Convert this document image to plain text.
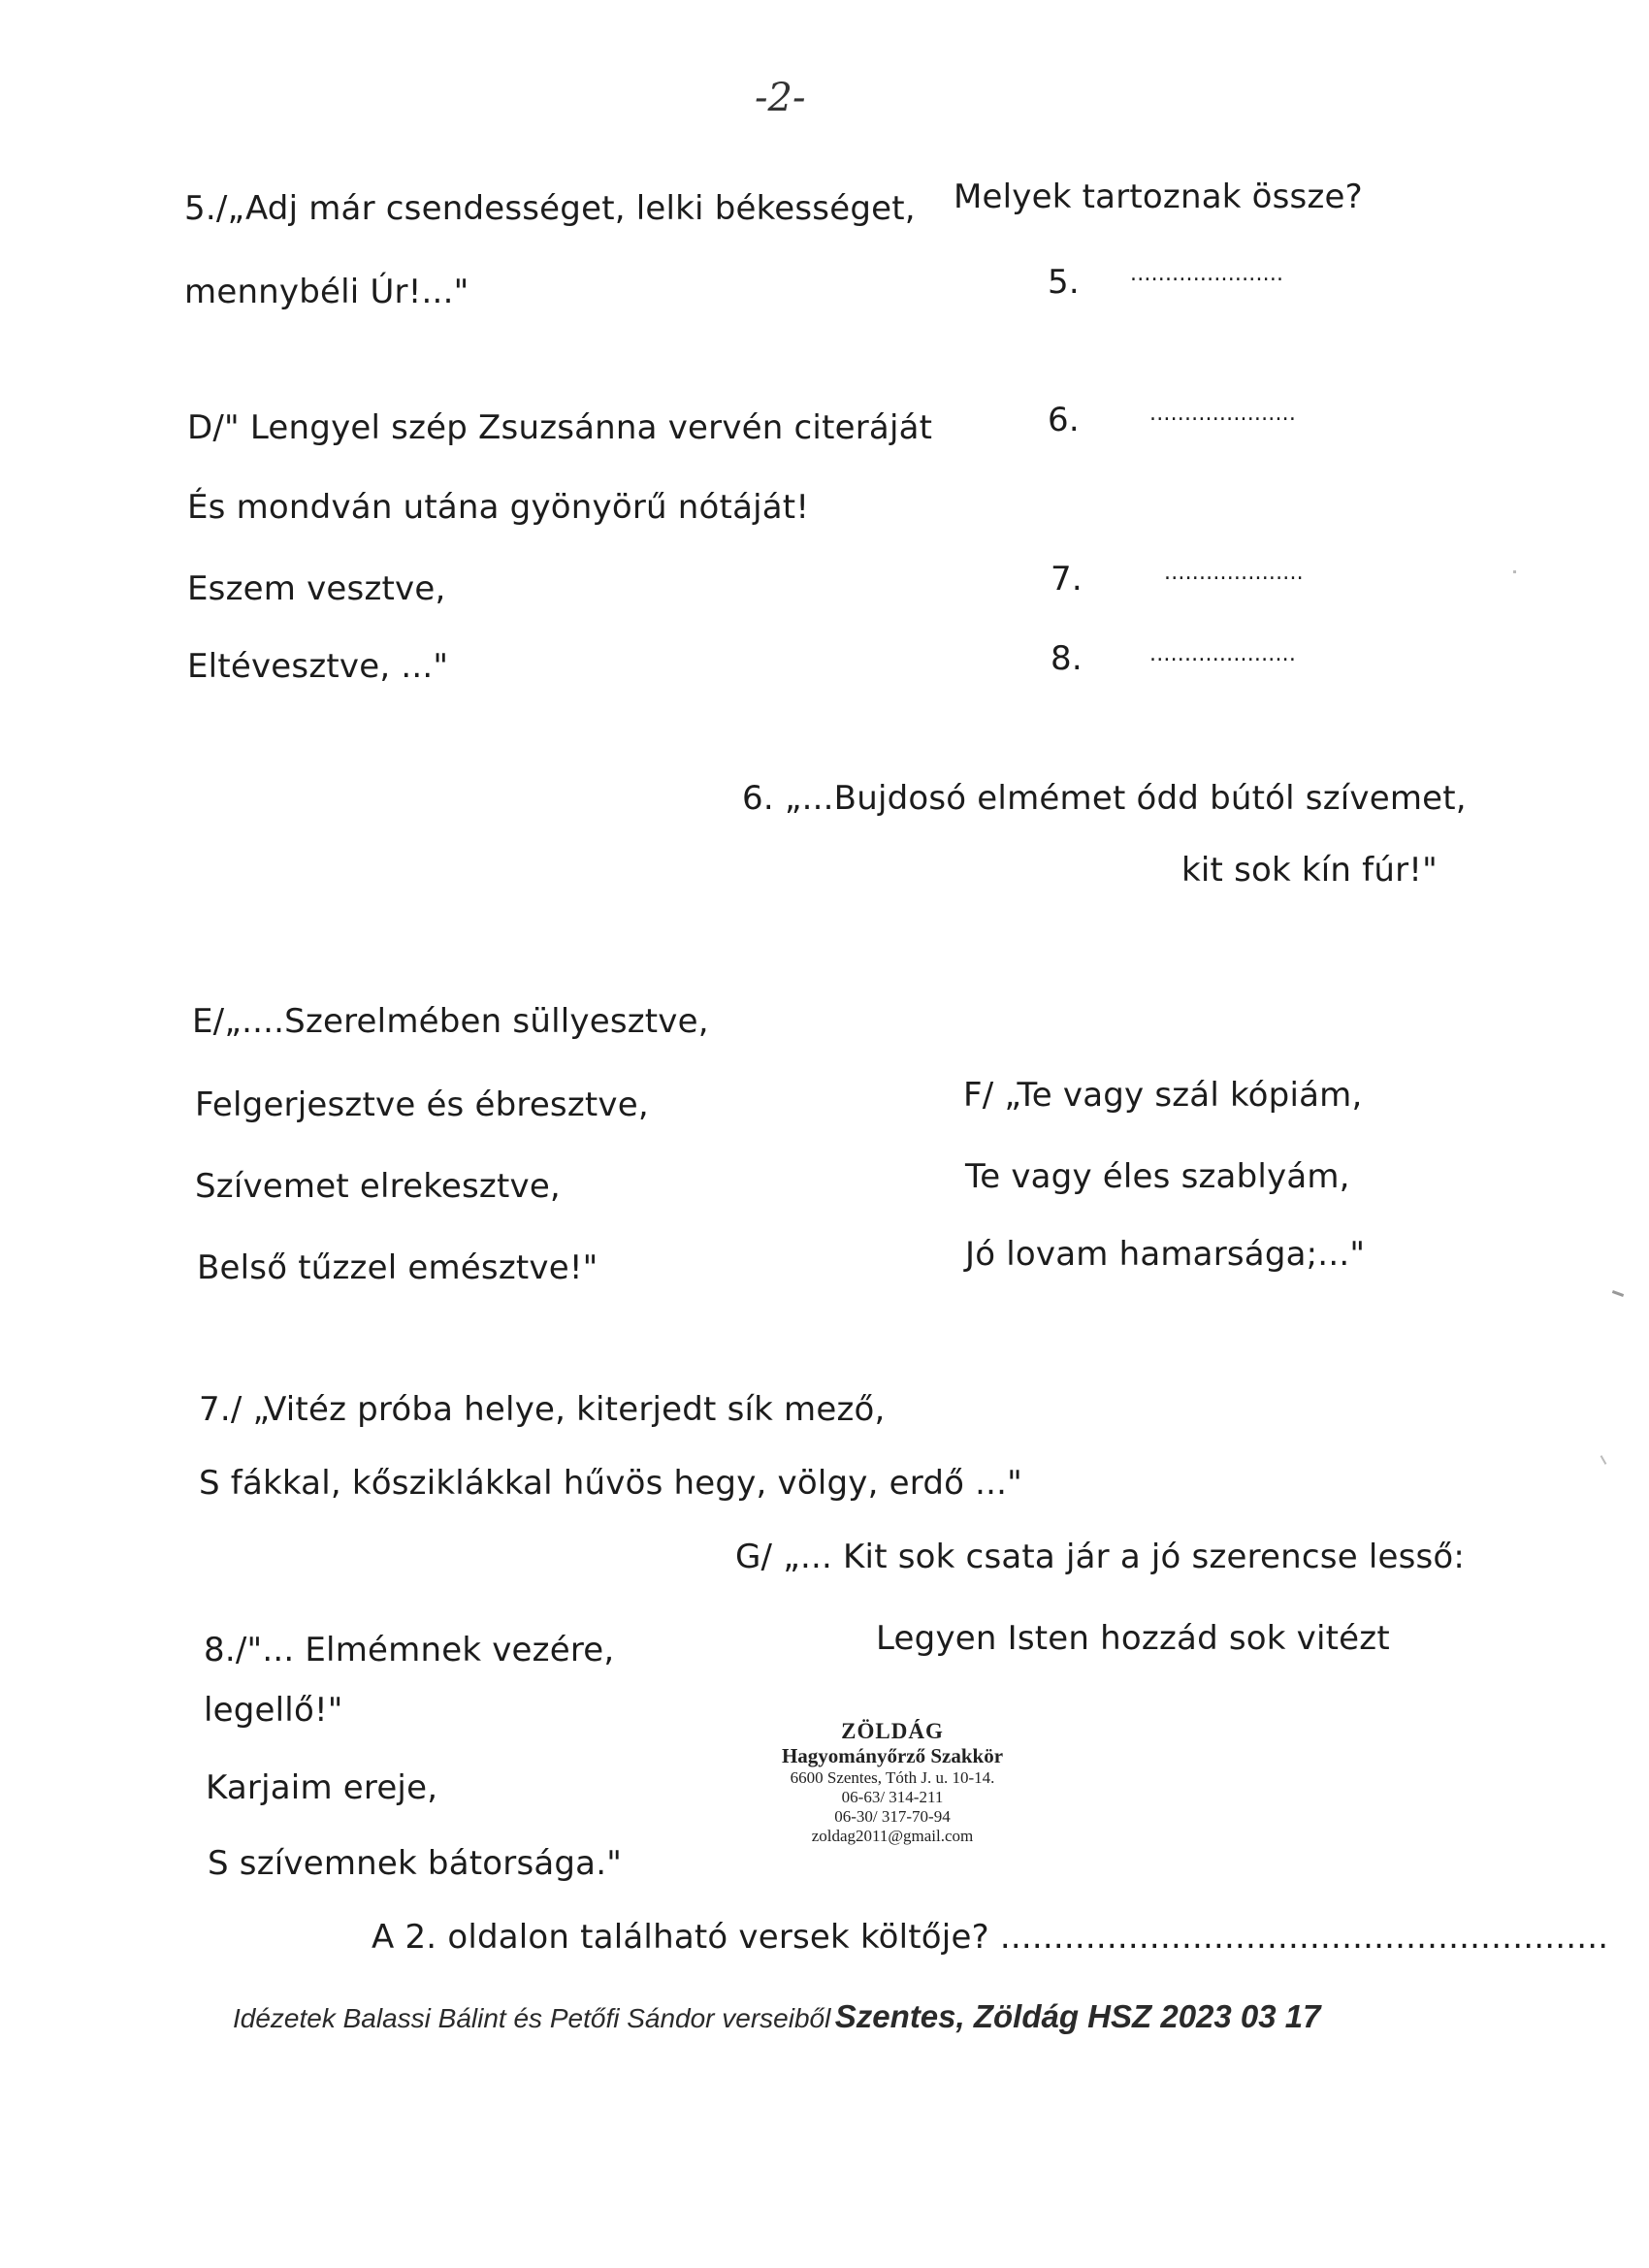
-2-
5./„Adj már csendességet, lelki békességet,
mennybéli Úr!..."
D/" Lengyel szép Zsuzsánna vervén citeráját
És mondván utána gyönyörű nótáját!
Eszem vesztve,
Eltévesztve, ..."
Melyek tartoznak össze?
5. ......................
6.	.....................
7.	....................
8.	.....................
6. „...Bujdosó elmémet ódd bútól szívemet,
kit sok kín fúr!"
E/„....Szerelmében süllyesztve,
Felgerjesztve és ébresztve,
Szívemet elrekesztve,
Belső tűzzel emésztve!"
F/ „Te vagy szál kópiám,
Te vagy éles szablyám,
Jó lovam hamarsága;..."
7./ „Vitéz próba helye, kiterjedt sík mező,
S fákkal, kősziklákkal hűvös hegy, völgy, erdő ..."
G/ „... Kit sok csata jár a jó szerencse lesső:
Legyen Isten hozzád sok vitézt
8./"... Elmémnek vezére,
legellő!"
Karjaim ereje,
S szívemnek bátorsága."
ZÖLDÁG
Hagyományőrző Szakkör
6600 Szentes, Tóth J. u. 10-14.
06-63/ 314-211
06-30/ 317-70-94
zoldag2011@gmail.com
A 2. oldalon található versek költője? .........................................................
Idézetek Balassi Bálint és Petőfi Sándor verseiből Szentes, Zöldág HSZ 2023 03 17
